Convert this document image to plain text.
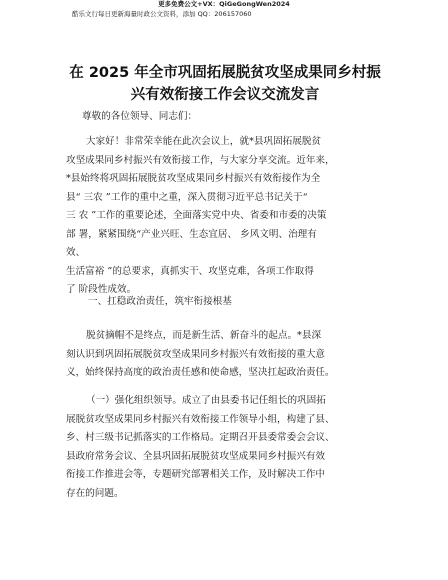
更多免费公文+VX：QiGeGongWen2024
酷乐文行每日更新海量时政公文资料，添加 QQ：206157060
在 2025 年全市巩固拓展脱贫攻坚成果同乡村振
兴有效衔接工作会议交流发言
尊敬的各位领导、同志们：
大家好！非常荣幸能在此次会议上，就*县巩固拓展脱贫
攻坚成果同乡村振兴有效衔接工作，与大家分享交流。近年来，
*县始终将巩固拓展脱贫攻坚成果同乡村振兴有效衔接作为全
县“ 三农 ”工作的重中之重，深入贯彻习近平总书记关于“
三 农 ”工作的重要论述，全面落实党中央、省委和市委的决策
部 署，紧紧围绕“产业兴旺、生态宜居、 乡风文明、治理有
效、
生活富裕 ”的总要求，真抓实干、攻坚克难，各项工作取得
了 阶段性成效。
一、扛稳政治责任，筑牢衔接根基
脱贫摘帽不是终点，而是新生活、新奋斗的起点。*县深
刻认识到巩固拓展脱贫攻坚成果同乡村振兴有效衔接的重大意
义，始终保持高度的政治责任感和使命感，坚决扛起政治责任。
（一）强化组织领导。成立了由县委书记任组长的巩固拓
展脱贫攻坚成果同乡村振兴有效衔接工作领导小组，构建了县、
乡、村三级书记抓落实的工作格局。定期召开县委常委会会议、
县政府常务会议、全县巩固拓展脱贫攻坚成果同乡村振兴有效
衔接工作推进会等，专题研究部署相关工作，及时解决工作中
存在的问题。
